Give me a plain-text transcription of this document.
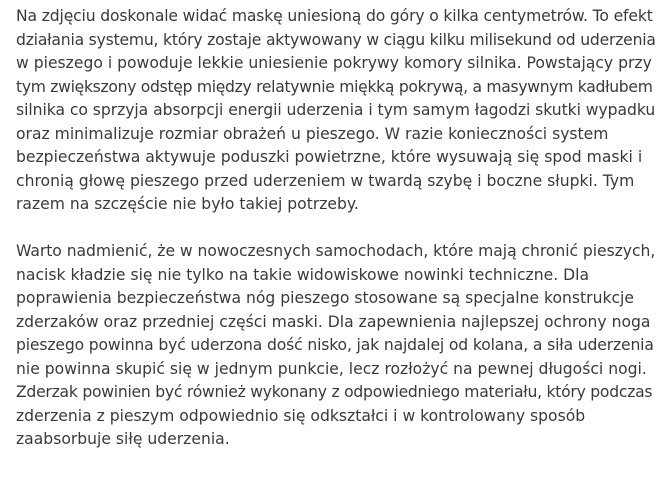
Na zdjęciu doskonale widać maskę uniesioną do góry o kilka centymetrów. To efekt
działania systemu, który zostaje aktywowany w ciągu kilku milisekund od uderzenia
w pieszego i powoduje lekkie uniesienie pokrywy komory silnika. Powstający przy
tym zwiększony odstęp między relatywnie miękką pokrywą, a masywnym kadłubem
silnika co sprzyja absorpcji energii uderzenia i tym samym łagodzi skutki wypadku
oraz minimalizuje rozmiar obrażeń u pieszego. W razie konieczności system
bezpieczeństwa aktywuje poduszki powietrzne, które wysuwają się spod maski i
chronią głowę pieszego przed uderzeniem w twardą szybę i boczne słupki. Tym
razem na szczęście nie było takiej potrzeby.

Warto nadmienić, że w nowoczesnych samochodach, które mają chronić pieszych,
nacisk kładzie się nie tylko na takie widowiskowe nowinki techniczne. Dla
poprawienia bezpieczeństwa nóg pieszego stosowane są specjalne konstrukcje
zderzaków oraz przedniej części maski. Dla zapewnienia najlepszej ochrony noga
pieszego powinna być uderzona dość nisko, jak najdalej od kolana, a siła uderzenia
nie powinna skupić się w jednym punkcie, lecz rozłożyć na pewnej długości nogi.
Zderzak powinien być również wykonany z odpowiedniego materiału, który podczas
zderzenia z pieszym odpowiednio się odkształci i w kontrolowany sposób
zaabsorbuje siłę uderzenia.
